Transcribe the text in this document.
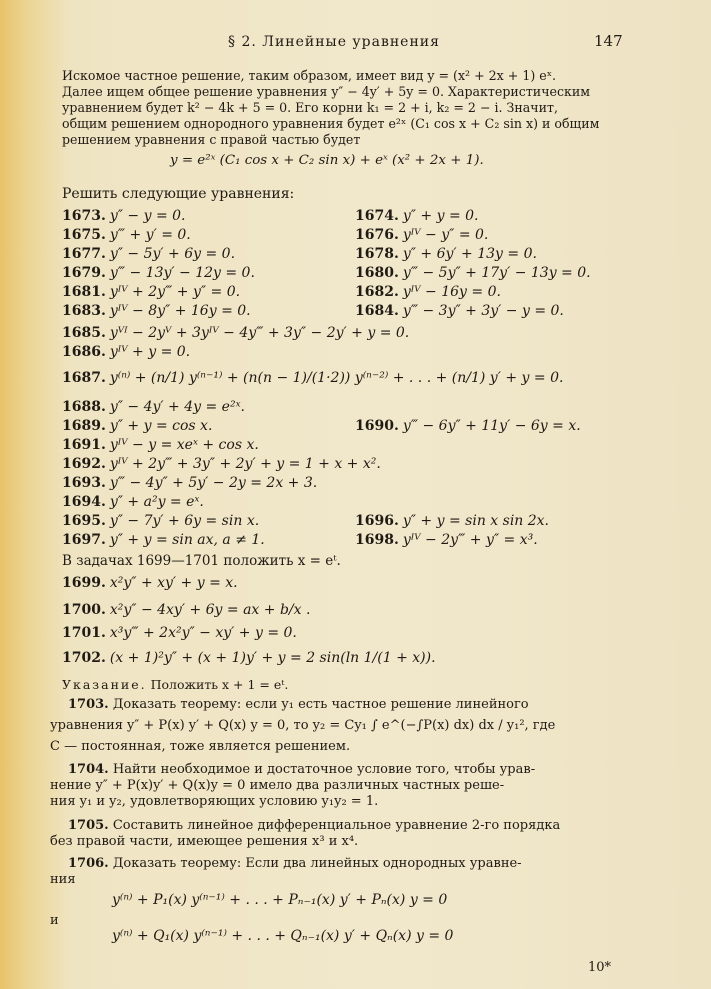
§ 2. Линейные уравнения	147
Искомое частное решение, таким образом, имеет вид y = (x² + 2x + 1) eˣ.
Далее ищем общее решение уравнения y″ − 4y′ + 5y = 0. Характеристическим
уравнением будет k² − 4k + 5 = 0. Его корни k₁ = 2 + i, k₂ = 2 − i. Значит,
общим решением однородного уравнения будет e²ˣ (C₁ cos x + C₂ sin x) и общим
решением уравнения с правой частью будет
y = e²ˣ (C₁ cos x + C₂ sin x) + eˣ (x² + 2x + 1).
Решить следующие уравнения:
1673. y″ − y = 0.	1674. y″ + y = 0.
1675. y‴ + y′ = 0.	1676. yᴵⱽ − y″ = 0.
1677. y″ − 5y′ + 6y = 0.	1678. y″ + 6y′ + 13y = 0.
1679. y‴ − 13y′ − 12y = 0.	1680. y‴ − 5y″ + 17y′ − 13y = 0.
1681. yᴵⱽ + 2y‴ + y″ = 0.	1682. yᴵⱽ − 16y = 0.
1683. yᴵⱽ − 8y″ + 16y = 0.	1684. y‴ − 3y″ + 3y′ − y = 0.
1685. yⱽᴵ − 2yⱽ + 3yᴵⱽ − 4y‴ + 3y″ − 2y′ + y = 0.
1686. yᴵⱽ + y = 0.
1687. y⁽ⁿ⁾ + (n/1) y⁽ⁿ⁻¹⁾ + (n(n − 1)/(1·2)) y⁽ⁿ⁻²⁾ + . . . + (n/1) y′ + y = 0.
1688. y″ − 4y′ + 4y = e²ˣ.
1689. y″ + y = cos x.	1690. y‴ − 6y″ + 11y′ − 6y = x.
1691. yᴵⱽ − y = xeˣ + cos x.
1692. yᴵⱽ + 2y‴ + 3y″ + 2y′ + y = 1 + x + x².
1693. y‴ − 4y″ + 5y′ − 2y = 2x + 3.
1694. y″ + a²y = eˣ.
1695. y″ − 7y′ + 6y = sin x.	1696. y″ + y = sin x sin 2x.
1697. y″ + y = sin ax, a ≠ 1.	1698. yᴵⱽ − 2y‴ + y″ = x³.
В задачах 1699—1701 положить x = eᵗ.
1699. x²y″ + xy′ + y = x.
1700. x²y″ − 4xy′ + 6y = ax + b/x .
1701. x³y‴ + 2x²y″ − xy′ + y = 0.
1702. (x + 1)²y″ + (x + 1)y′ + y = 2 sin(ln 1/(1 + x)).
Указание. Положить x + 1 = eᵗ.
1703. Доказать теорему: если y₁ есть частное решение линейного
уравнения y″ + P(x) y′ + Q(x) y = 0, то y₂ = Cy₁ ∫ e^(−∫P(x) dx) dx / y₁², где
C — постоянная, тоже является решением.
1704. Найти необходимое и достаточное условие того, чтобы урав-
нение y″ + P(x)y′ + Q(x)y = 0 имело два различных частных реше-
ния y₁ и y₂, удовлетворяющих условию y₁y₂ = 1.
1705. Составить линейное дифференциальное уравнение 2-го порядка
без правой части, имеющее решения x³ и x⁴.
1706. Доказать теорему: Если два линейных однородных уравне-
ния
y⁽ⁿ⁾ + P₁(x) y⁽ⁿ⁻¹⁾ + . . . + Pₙ₋₁(x) y′ + Pₙ(x) y = 0
и
y⁽ⁿ⁾ + Q₁(x) y⁽ⁿ⁻¹⁾ + . . . + Qₙ₋₁(x) y′ + Qₙ(x) y = 0
10*
